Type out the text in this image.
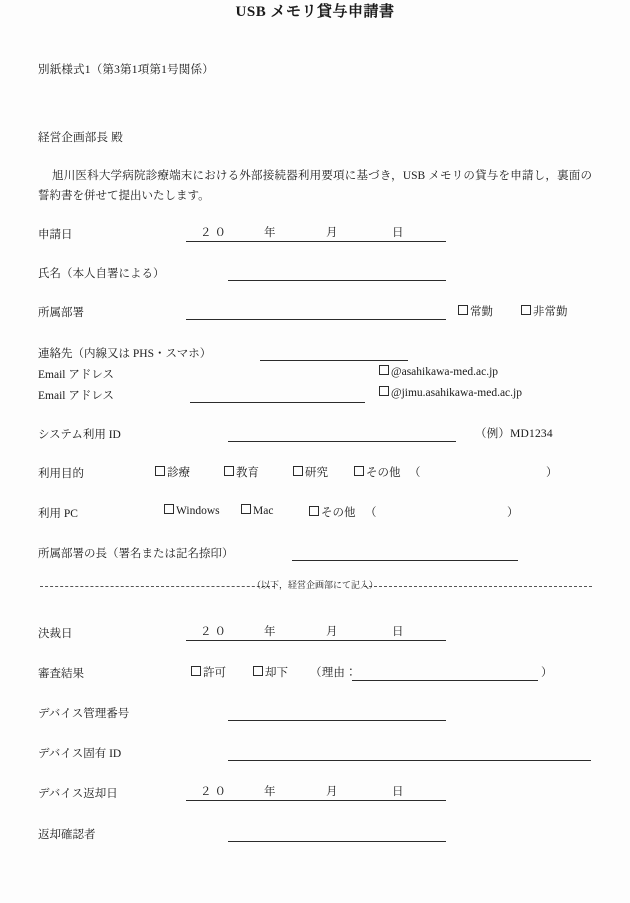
別紙様式1（第3第1項第1号関係）
USB メモリ貸与申請書
経営企画部長 殿
旭川医科大学病院診療端末における外部接続器利用要項に基づき，USB メモリの貸与を申請し，裏面の誓約書を併せて提出いたします。
申請日	２０	年	月	日
氏名（本人自署による）
所属部署	常勤	非常勤
連絡先（内線又は PHS・スマホ）
Email アドレス	@asahikawa-med.ac.jp
Email アドレス	@jimu.asahikawa-med.ac.jp
システム利用 ID	（例）MD1234
利用目的	診療	教育	研究	その他 （	）
利用 PC	Windows	Mac	その他 （	）
所属部署の長（署名または記名捺印）
（以下，経営企画部にて記入）
決裁日	２０	年	月	日
審査結果	許可	却下 （理由：	）
デバイス管理番号
デバイス固有 ID
デバイス返却日	２０	年	月	日
返却確認者
